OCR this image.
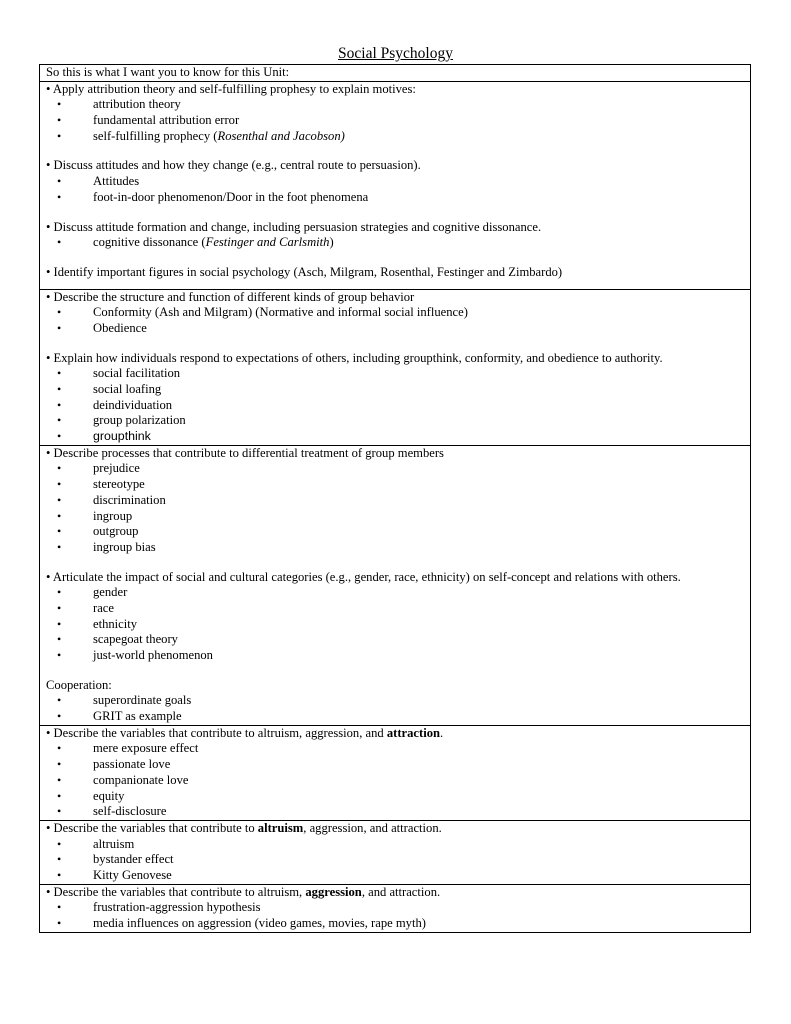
Social Psychology
So this is what I want you to know for this Unit:
• Apply attribution theory and self-fulfilling prophesy to explain motives:
•	attribution theory
•	fundamental attribution error
•	self-fulfilling prophecy (Rosenthal and Jacobson)
• Discuss attitudes and how they change (e.g., central route to persuasion).
•	Attitudes
•	foot-in-door phenomenon/Door in the foot phenomena
• Discuss attitude formation and change, including persuasion strategies and cognitive dissonance.
•	cognitive dissonance (Festinger and Carlsmith)
• Identify important figures in social psychology (Asch, Milgram, Rosenthal, Festinger and Zimbardo)
• Describe the structure and function of different kinds of group behavior
•	Conformity (Ash and Milgram) (Normative and informal social influence)
•	Obedience
• Explain how individuals respond to expectations of others, including groupthink, conformity, and obedience to authority.
•	social facilitation
•	social loafing
•	deindividuation
•	group polarization
•	groupthink
• Describe processes that contribute to differential treatment of group members
•	prejudice
•	stereotype
•	discrimination
•	ingroup
•	outgroup
•	ingroup bias
• Articulate the impact of social and cultural categories (e.g., gender, race, ethnicity) on self-concept and relations with others.
•	gender
•	race
•	ethnicity
•	scapegoat theory
•	just-world phenomenon
Cooperation:
•	superordinate goals
•	GRIT as example
• Describe the variables that contribute to altruism, aggression, and attraction.
•	mere exposure effect
•	passionate love
•	companionate love
•	equity
•	self-disclosure
• Describe the variables that contribute to altruism, aggression, and attraction.
•	altruism
•	bystander effect
•	Kitty Genovese
• Describe the variables that contribute to altruism, aggression, and attraction.
•	frustration-aggression hypothesis
•	media influences on aggression (video games, movies, rape myth)
